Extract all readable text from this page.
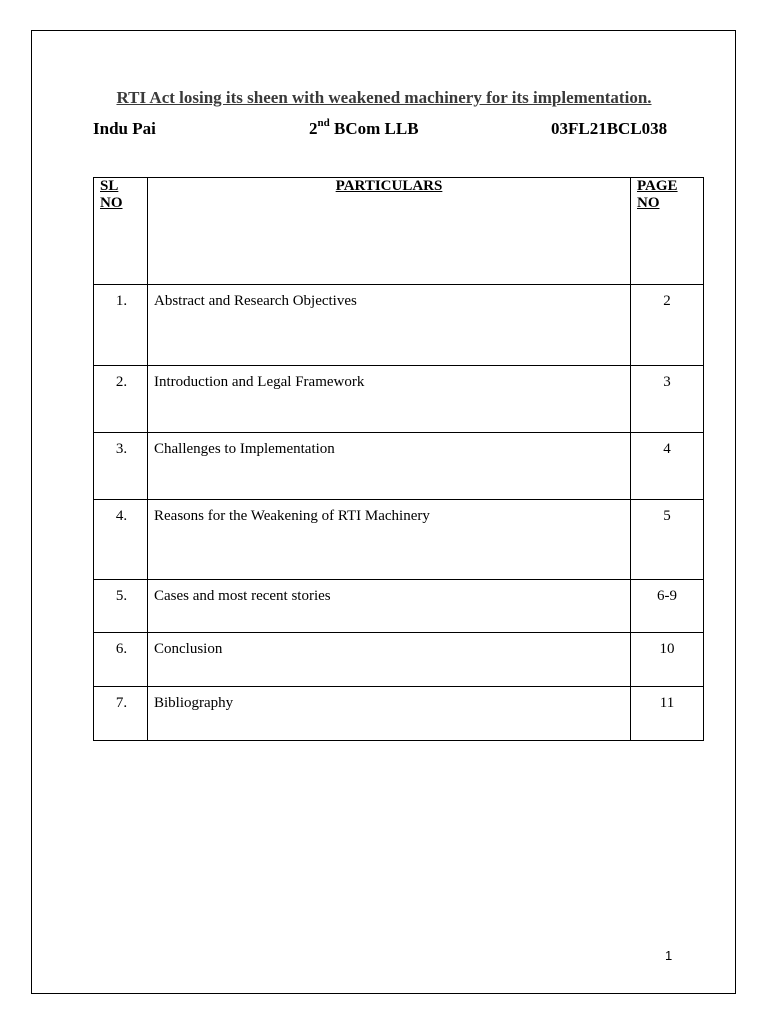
RTI Act losing its sheen with weakened machinery for its implementation.
Indu Pai	2nd BCom LLB	03FL21BCL038
SL NO	PARTICULARS	PAGE NO

1.	Abstract and Research Objectives	2

2.	Introduction and Legal Framework	3

3.	Challenges to Implementation	4

4.	Reasons for the Weakening of RTI Machinery	5

5.	Cases and most recent stories	6-9

6.	Conclusion	10

7.	Bibliography	11
1
